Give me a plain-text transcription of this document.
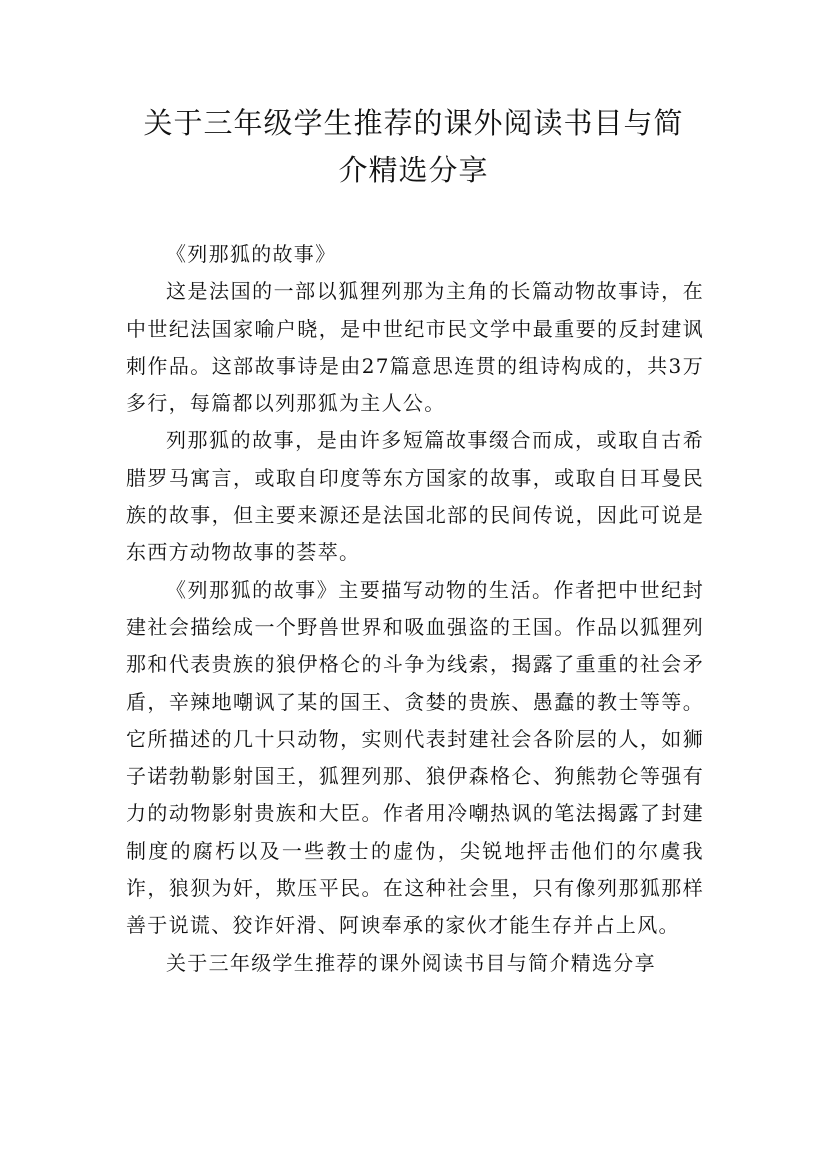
关于三年级学生推荐的课外阅读书目与简
介精选分享

《列那狐的故事》

这是法国的一部以狐狸列那为主角的长篇动物故事诗，在中世纪法国家喻户晓，是中世纪市民文学中最重要的反封建讽刺作品。这部故事诗是由27篇意思连贯的组诗构成的，共3万多行，每篇都以列那狐为主人公。

列那狐的故事，是由许多短篇故事缀合而成，或取自古希腊罗马寓言，或取自印度等东方国家的故事，或取自日耳曼民族的故事，但主要来源还是法国北部的民间传说，因此可说是东西方动物故事的荟萃。

《列那狐的故事》主要描写动物的生活。作者把中世纪封建社会描绘成一个野兽世界和吸血强盗的王国。作品以狐狸列那和代表贵族的狼伊格仑的斗争为线索，揭露了重重的社会矛盾，辛辣地嘲讽了某的国王、贪婪的贵族、愚蠢的教士等等。它所描述的几十只动物，实则代表封建社会各阶层的人，如狮子诺勃勒影射国王，狐狸列那、狼伊森格仑、狗熊勃仑等强有力的动物影射贵族和大臣。作者用冷嘲热讽的笔法揭露了封建制度的腐朽以及一些教士的虚伪，尖锐地抨击他们的尔虞我诈，狼狈为奸，欺压平民。在这种社会里，只有像列那狐那样善于说谎、狡诈奸滑、阿谀奉承的家伙才能生存并占上风。

关于三年级学生推荐的课外阅读书目与简介精选分享
